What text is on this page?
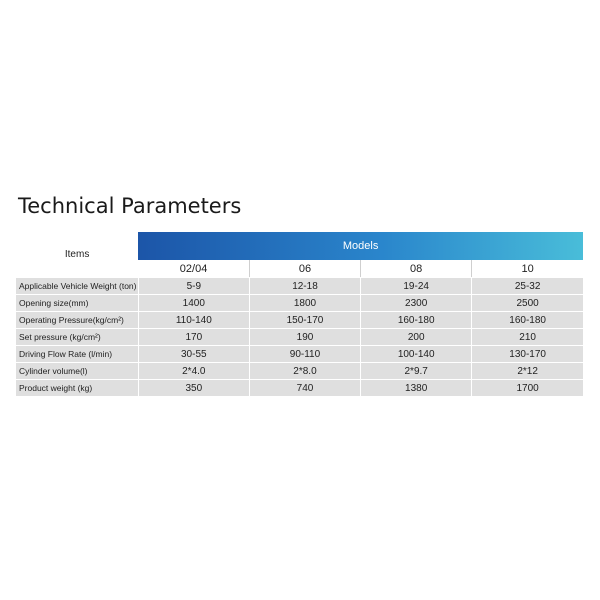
Technical Parameters
Items	Models			
	02/04	06	08	10

Applicable Vehicle Weight (ton)	5-9	12-18	19-24	25-32
Opening size(mm)	1400	1800	2300	2500
Operating Pressure(kg/cm²)	110-140	150-170	160-180	160-180
Set pressure (kg/cm²)	170	190	200	210
Driving Flow Rate (l/min)	30-55	90-110	100-140	130-170
Cylinder volume(l)	2*4.0	2*8.0	2*9.7	2*12
Product weight (kg)	350	740	1380	1700
